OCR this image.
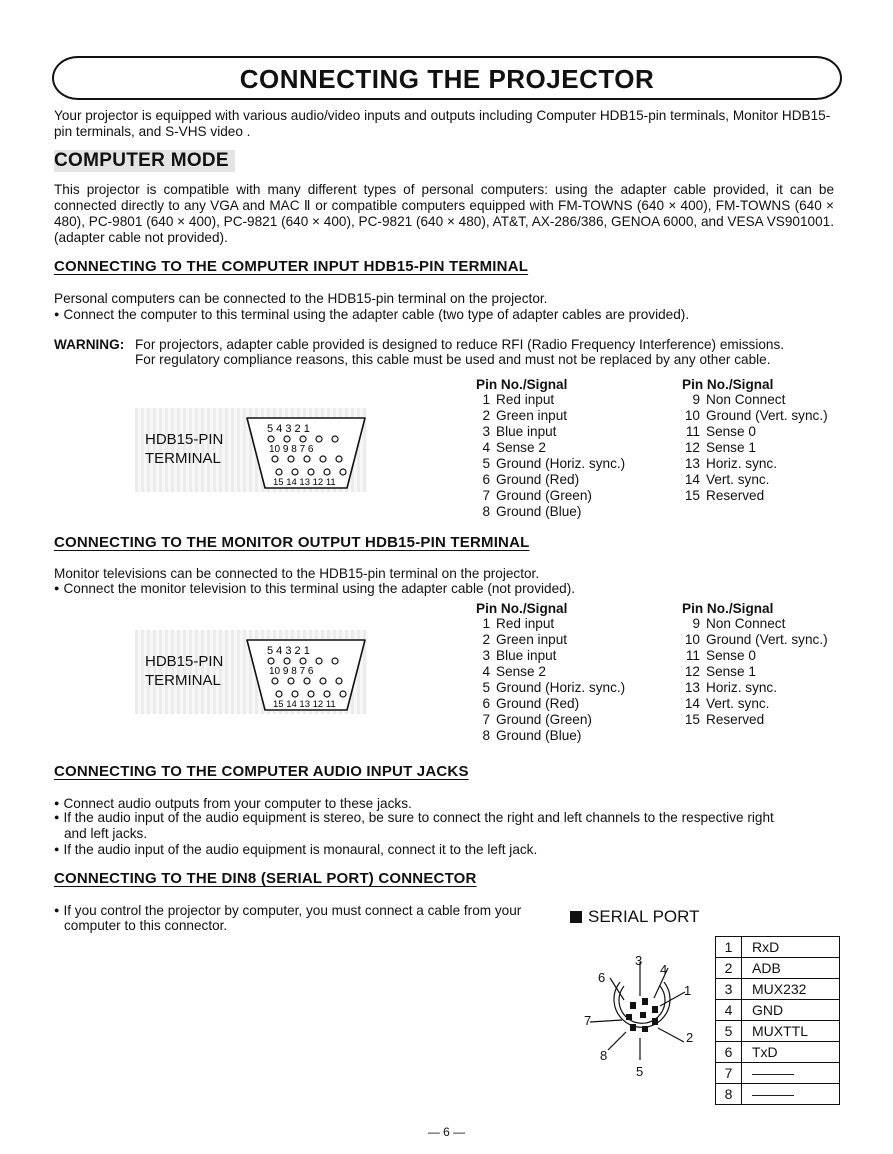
CONNECTING THE PROJECTOR
Your projector is equipped with various audio/video inputs and outputs including Computer HDB15-pin terminals, Monitor HDB15-pin terminals, and S-VHS video .
COMPUTER MODE
This projector is compatible with many different types of personal computers: using the adapter cable provided, it can be connected directly to any VGA and MAC Ⅱ or compatible computers equipped with FM-TOWNS (640 × 400), FM-TOWNS (640 × 480), PC-9801 (640 × 400), PC-9821 (640 × 400), PC-9821 (640 × 480), AT&T, AX-286/386, GENOA 6000, and VESA VS901001. (adapter cable not provided).
CONNECTING TO THE COMPUTER INPUT HDB15-PIN TERMINAL
Personal computers can be connected to the HDB15-pin terminal on the projector.
● Connect the computer to this terminal using the adapter cable (two type of adapter cables are provided).
WARNING: For projectors, adapter cable provided is designed to reduce RFI (Radio Frequency Interference) emissions.
For regulatory compliance reasons, this cable must be used and must not be replaced by any other cable.
HDB15-PIN
TERMINAL
5 4 3 2 1
10 9 8 7 6
15 14 13 12 11
Pin No./Signal
1 Red input
2 Green input
3 Blue input
4 Sense 2
5 Ground (Horiz. sync.)
6 Ground (Red)
7 Ground (Green)
8 Ground (Blue)
Pin No./Signal
9 Non Connect
10 Ground (Vert. sync.)
11 Sense 0
12 Sense 1
13 Horiz. sync.
14 Vert. sync.
15 Reserved
CONNECTING TO THE MONITOR OUTPUT HDB15-PIN TERMINAL
Monitor televisions can be connected to the HDB15-pin terminal on the projector.
● Connect the monitor television to this terminal using the adapter cable (not provided).
HDB15-PIN
TERMINAL
5 4 3 2 1
10 9 8 7 6
15 14 13 12 11
Pin No./Signal
1 Red input
2 Green input
3 Blue input
4 Sense 2
5 Ground (Horiz. sync.)
6 Ground (Red)
7 Ground (Green)
8 Ground (Blue)
Pin No./Signal
9 Non Connect
10 Ground (Vert. sync.)
11 Sense 0
12 Sense 1
13 Horiz. sync.
14 Vert. sync.
15 Reserved
CONNECTING TO THE COMPUTER AUDIO INPUT JACKS
● Connect audio outputs from your computer to these jacks.
● If the audio input of the audio equipment is stereo, be sure to connect the right and left channels to the respective right
and left jacks.
● If the audio input of the audio equipment is monaural, connect it to the left jack.
CONNECTING TO THE DIN8 (SERIAL PORT) CONNECTOR
● If you control the projector by computer, you must connect a cable from your
computer to this connector.	SERIAL PORT
1
2
3
4
5
6
7
8
1	RxD
2	ADB
3	MUX232
4	GND
5	MUXTTL
6	TxD
7	———
8	———
— 6 —
